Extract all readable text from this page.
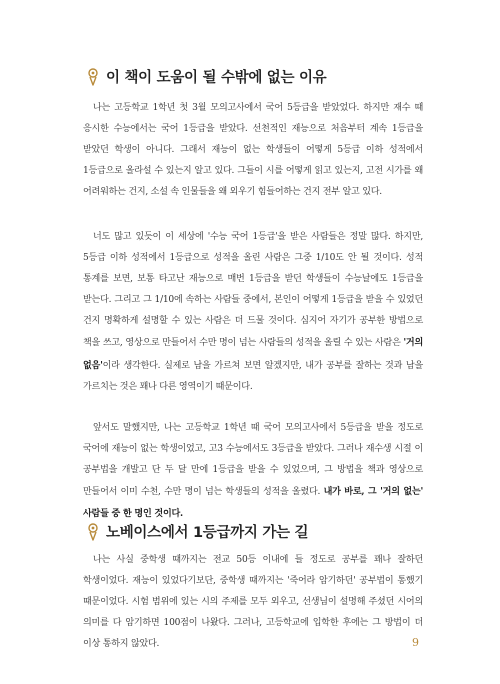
이 책이 도움이 될 수밖에 없는 이유
나는 고등학교 1학년 첫 3월 모의고사에서 국어 5등급을 받았었다. 하지만 재수 때 응시한 수능에서는 국어 1등급을 받았다. 선천적인 재능으로 처음부터 계속 1등급을 받았던 학생이 아니다. 그래서 재능이 없는 학생들이 어떻게 5등급 이하 성적에서 1등급으로 올라설 수 있는지 알고 있다. 그들이 시를 어떻게 읽고 있는지, 고전 시가를 왜 어려워하는 건지, 소설 속 인물들을 왜 외우기 힘들어하는 건지 전부 알고 있다.
너도 많고 있듯이 이 세상에 '수능 국어 1등급'을 받은 사람들은 정말 많다. 하지만, 5등급 이하 성적에서 1등급으로 성적을 올린 사람은 그중 1/10도 안 될 것이다. 성적 통계를 보면, 보통 타고난 재능으로 매번 1등급을 받던 학생들이 수능날에도 1등급을 받는다. 그리고 그 1/10에 속하는 사람들 중에서, 본인이 어떻게 1등급을 받을 수 있었던 건지 명확하게 설명할 수 있는 사람은 더 드물 것이다. 심지어 자기가 공부한 방법으로 책을 쓰고, 영상으로 만들어서 수만 명이 넘는 사람들의 성적을 올릴 수 있는 사람은 '거의 없음'이라 생각한다. 실제로 남을 가르쳐 보면 알겠지만, 내가 공부를 잘하는 것과 남을 가르치는 것은 꽤나 다른 영역이기 때문이다.
앞서도 말했지만, 나는 고등학교 1학년 때 국어 모의고사에서 5등급을 받을 정도로 국어에 재능이 없는 학생이었고, 고3 수능에서도 3등급을 받았다. 그러나 재수생 시절 이 공부법을 개발고 단 두 달 만에 1등급을 받을 수 있었으며, 그 방법을 책과 영상으로 만들어서 이미 수천, 수만 명이 넘는 학생들의 성적을 올렸다. 내가 바로, 그 '거의 없는' 사람들 중 한 명인 것이다.
노베이스에서 1등급까지 가는 길
나는 사실 중학생 때까지는 전교 50등 이내에 들 정도로 공부를 꽤나 잘하던 학생이었다. 재능이 있었다기보단, 중학생 때까지는 '죽어라 암기하던' 공부법이 통했기 때문이었다. 시험 범위에 있는 시의 주제를 모두 외우고, 선생님이 설명해 주셨던 시어의 의미를 다 암기하면 100점이 나왔다. 그러나, 고등학교에 입학한 후에는 그 방법이 더 이상 통하지 않았다.	9
